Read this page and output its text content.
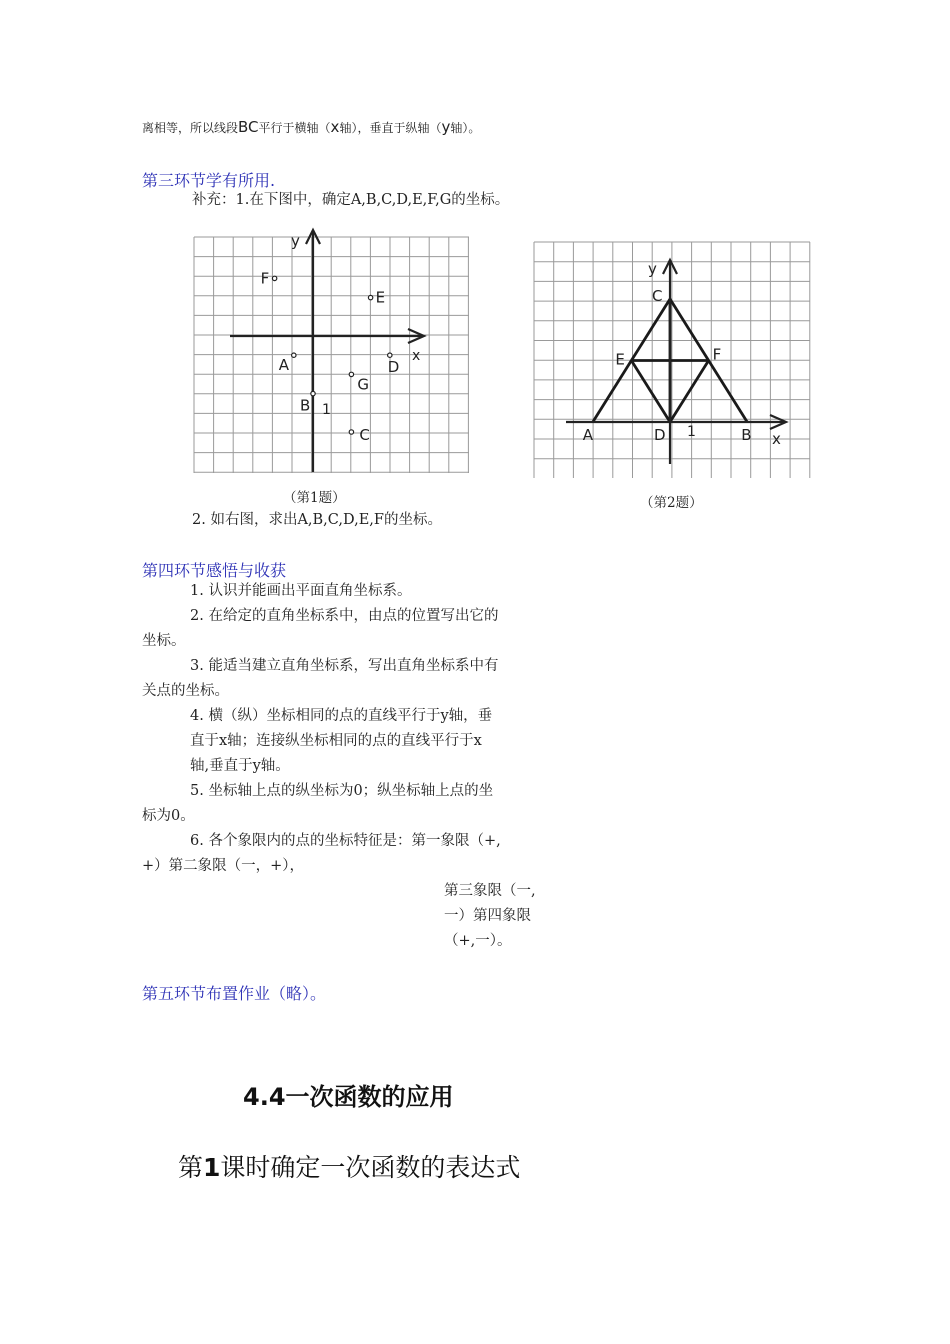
离相等，所以线段BC平行于横轴（x轴），垂直于纵轴（y轴）。
第三环节学有所用.
补充：1.在下图中，确定A,B,C,D,E,F,G的坐标。
x
y
1
F
E
A	D
G
B
C
（第1题）
2. 如右图，求出A,B,C,D,E,F的坐标。
x
y
1
A	B
C
D
E	F
（第2题）
第四环节感悟与收获
1. 认识并能画出平面直角坐标系。
2. 在给定的直角坐标系中，由点的位置写出它的
坐标。
3. 能适当建立直角坐标系，写出直角坐标系中有
关点的坐标。
4. 横（纵）坐标相同的点的直线平行于y轴，垂
直于x轴；连接纵坐标相同的点的直线平行于x
轴,垂直于y轴。
5. 坐标轴上点的纵坐标为0；纵坐标轴上点的坐
标为0。
6. 各个象限内的点的坐标特征是：第一象限（+,
+）第二象限（一，+），
第三象限（一,
一）第四象限
（+,一）。
第五环节布置作业（略）。
4.4一次函数的应用
第1课时确定一次函数的表达式
